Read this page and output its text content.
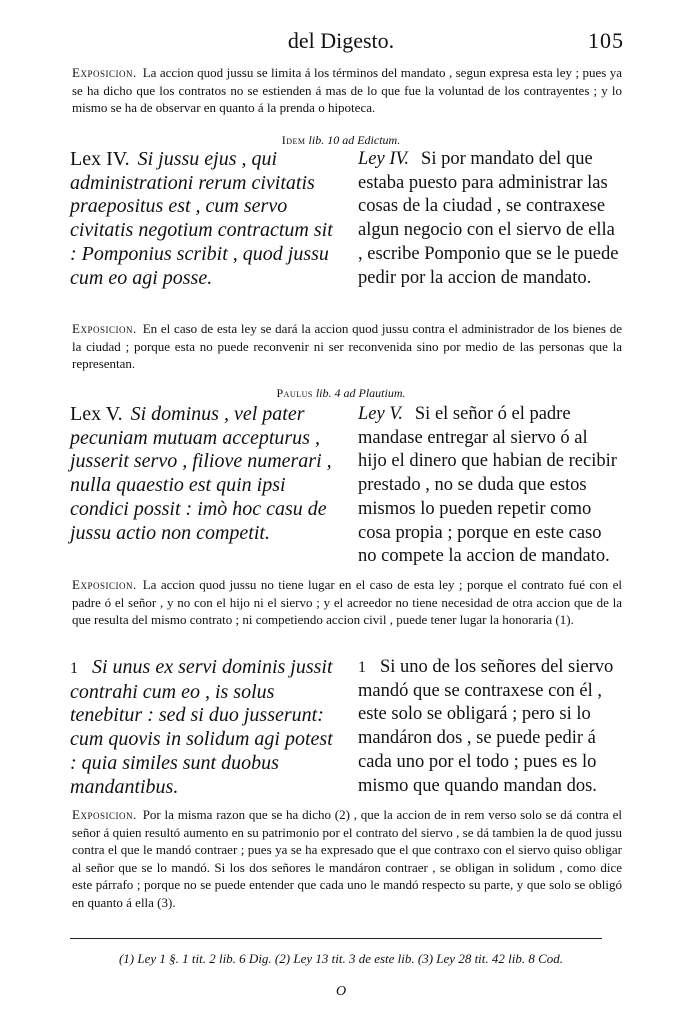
del Digesto.	105
Exposicion. La accion quod jussu se limita á los términos del mandato , segun expresa esta ley ; pues ya se ha dicho que los contratos no se estienden á mas de lo que fue la voluntad de los contrayentes ; y lo mismo se ha de observar en quanto á la prenda o hipoteca.
Idem lib. 10 ad Edictum.
Lex IV. Si jussu ejus , qui administrationi rerum civitatis praepositus est , cum servo civitatis negotium contractum sit : Pomponius scribit , quod jussu cum eo agi posse.
Ley IV. Si por mandato del que estaba puesto para administrar las cosas de la ciudad , se contraxese algun negocio con el siervo de ella , escribe Pomponio que se le puede pedir por la accion de mandato.
Exposicion. En el caso de esta ley se dará la accion quod jussu contra el administrador de los bienes de la ciudad ; porque esta no puede reconvenir ni ser reconvenida sino por medio de las personas que la representan.
Paulus lib. 4 ad Plautium.
Lex V. Si dominus , vel pater pecuniam mutuam accepturus , jusserit servo , filiove numerari , nulla quaestio est quin ipsi condici possit : imò hoc casu de jussu actio non competit.
Ley V. Si el señor ó el padre mandase entregar al siervo ó al hijo el dinero que habian de recibir prestado , no se duda que estos mismos lo pueden repetir como cosa propia ; porque en este caso no compete la accion de mandato.
Exposicion. La accion quod jussu no tiene lugar en el caso de esta ley ; porque el contrato fué con el padre ó el señor , y no con el hijo ni el siervo ; y el acreedor no tiene necesidad de otra accion que de la que resulta del mismo contrato ; ni competiendo accion civil , puede tener lugar la honoraria (1).
1 Si unus ex servi dominis jussit contrahi cum eo , is solus tenebitur : sed si duo jusserunt: cum quovis in solidum agi potest : quia similes sunt duobus mandantibus.
1 Si uno de los señores del siervo mandó que se contraxese con él , este solo se obligará ; pero si lo mandáron dos , se puede pedir á cada uno por el todo ; pues es lo mismo que quando mandan dos.
Exposicion. Por la misma razon que se ha dicho (2) , que la accion de in rem verso solo se dá contra el señor á quien resultó aumento en su patrimonio por el contrato del siervo , se dá tambien la de quod jussu contra el que le mandó contraer ; pues ya se ha expresado que el que contraxo con el siervo quiso obligar al señor que se lo mandó. Si los dos señores le mandáron contraer , se obligan in solidum , como dice este párrafo ; porque no se puede entender que cada uno le mandó respecto su parte, y que solo se obligó en quanto á ella (3).
(1) Ley 1 §. 1 tit. 2 lib. 6 Dig. (2) Ley 13 tit. 3 de este lib. (3) Ley 28 tit. 42 lib. 8 Cod.
O
